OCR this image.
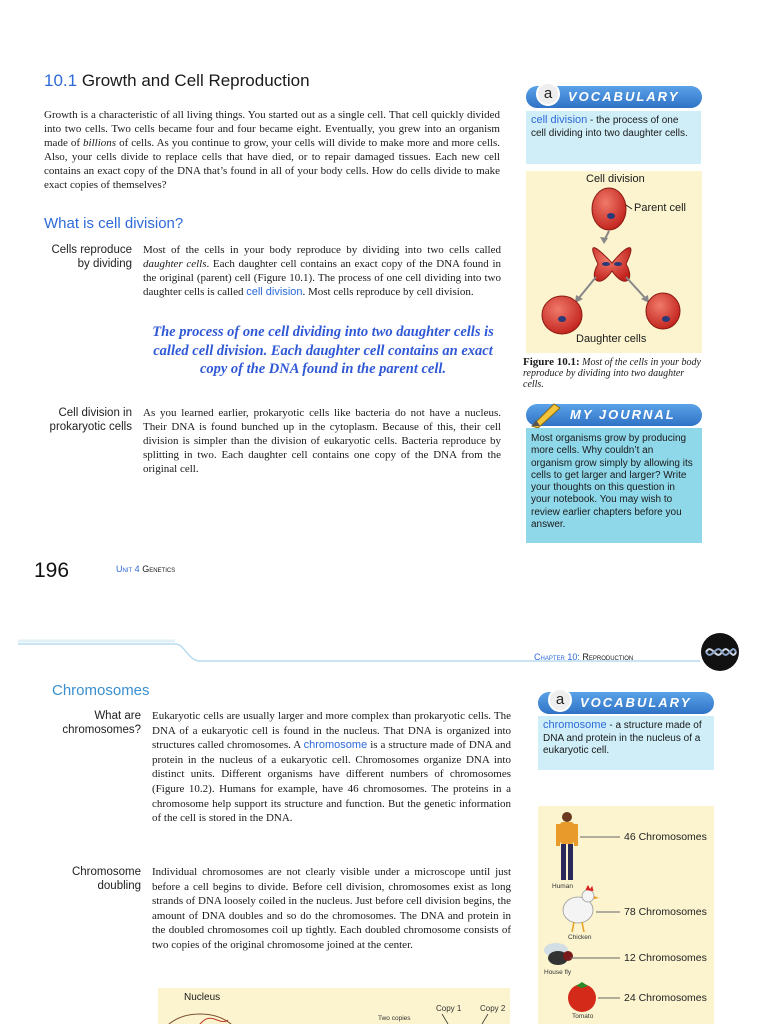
10.1 Growth and Cell Reproduction

Growth is a characteristic of all living things. You started out as a single cell. That cell quickly divided into two cells. Two cells became four and four became eight. Eventually, you grew into an organism made of billions of cells. As you continue to grow, your cells will divide to make more and more cells. Also, your cells divide to replace cells that have died, or to repair damaged tissues. Each new cell contains an exact copy of the DNA that’s found in all of your body cells. How do cells divide to make exact copies of themselves?

What is cell division?
Cells reproduce
by dividing

Most of the cells in your body reproduce by dividing into two cells called daughter cells. Each daughter cell contains an exact copy of the DNA found in the original (parent) cell (Figure 10.1). The process of one cell dividing into two daughter cells is called cell division. Most cells reproduce by cell division.

The process of one cell dividing into two daughter cells is called cell division. Each daughter cell contains an exact copy of the DNA found in the parent cell.
Cell division in
prokaryotic cells

As you learned earlier, prokaryotic cells like bacteria do not have a nucleus. Their DNA is found bunched up in the cytoplasm. Because of this, their cell division is simpler than the division of eukaryotic cells. Bacteria reproduce by splitting in two. Each daughter cell contains one copy of the DNA from the original cell.

a	VOCABULARY
cell division - the process of one cell dividing into two daughter cells.
Cell division
Parent cell
Daughter cells
Figure 10.1: Most of the cells in your body reproduce by dividing into two daughter cells.
MY JOURNAL
Most organisms grow by producing more cells. Why couldn’t an organism grow simply by allowing its cells to get larger and larger? Write your thoughts on this question in your notebook. You may wish to review earlier chapters before you answer.
196	Unit 4 Genetics
Chapter 10: Reproduction
Chromosomes
What are
chromosomes?

Eukaryotic cells are usually larger and more complex than prokaryotic cells. The DNA of a eukaryotic cell is found in the nucleus. That DNA is organized into structures called chromosomes. A chromosome is a structure made of DNA and protein in the nucleus of a eukaryotic cell. Chromosomes organize DNA into distinct units. Different organisms have different numbers of chromosomes (Figure 10.2). Humans for example, have 46 chromosomes. The proteins in a chromosome help support its structure and function. But the genetic information of the cell is stored in the DNA.

Chromosome
doubling

Individual chromosomes are not clearly visible under a microscope until just before a cell begins to divide. Before cell division, chromosomes exist as long strands of DNA loosely coiled in the nucleus. Just before cell division begins, the amount of DNA doubles and so do the chromosomes. The DNA and protein in the doubled chromosomes coil up tightly. Each doubled chromosome consists of two copies of the original chromosome joined at the center.

Nucleus
Two copies
Copy 1 Copy 2
a	VOCABULARY
chromosome - a structure made of DNA and protein in the nucleus of a eukaryotic cell.
46 Chromosomes
Human
78 Chromosomes
Chicken
12 Chromosomes
House fly
24 Chromosomes
Tomato
